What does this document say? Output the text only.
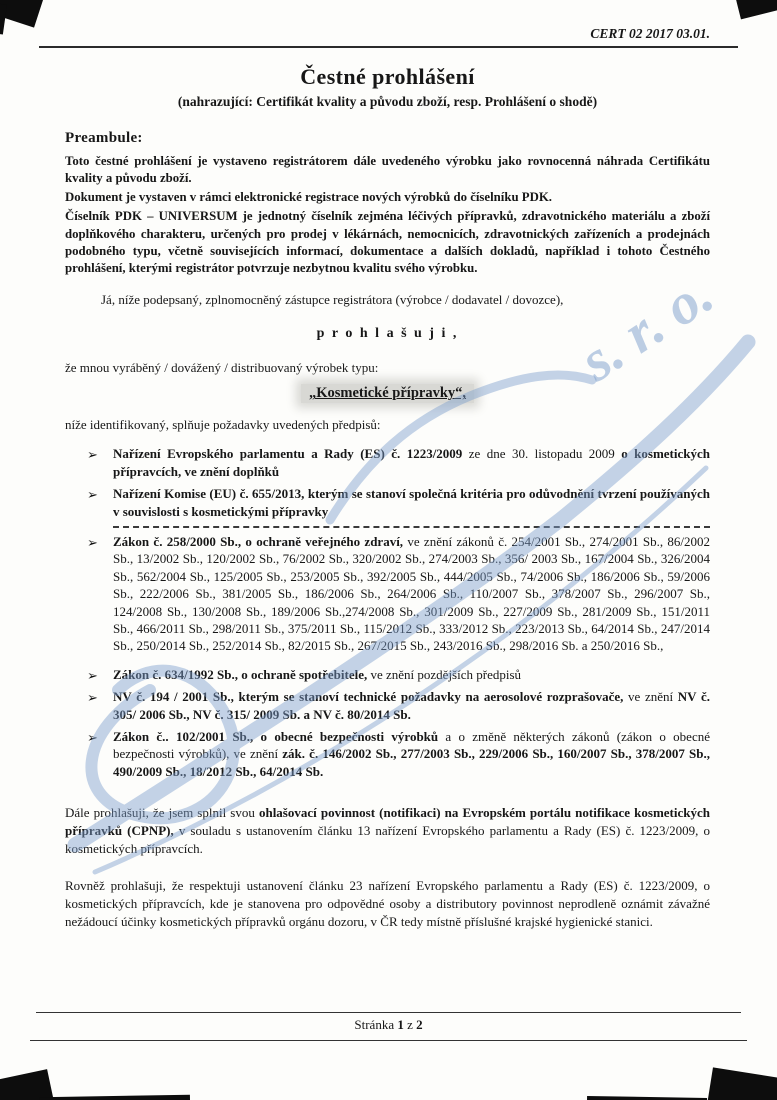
s. r. o.
CERT 02 2017 03.01.
Čestné prohlášení
(nahrazující: Certifikát kvality a původu zboží, resp. Prohlášení o shodě)
Preambule:

Toto čestné prohlášení je vystaveno registrátorem dále uvedeného výrobku jako rovnocenná náhrada Certifikátu kvality a původu zboží.

Dokument je vystaven v rámci elektronické registrace nových výrobků do číselníku PDK.

Číselník PDK – UNIVERSUM je jednotný číselník zejména léčivých přípravků, zdravotnického materiálu a zboží doplňkového charakteru, určených pro prodej v lékárnách, nemocnicích, zdravotnických zařízeních a prodejnách podobného typu, včetně souvisejících informací, dokumentace a dalších dokladů, například i tohoto Čestného prohlášení, kterými registrátor potvrzuje nezbytnou kvalitu svého výrobku.

Já, níže podepsaný, zplnomocněný zástupce registrátora (výrobce / dodavatel / dovozce),

p r o h l a š u j i ,

že mnou vyráběný / dovážený / distribuovaný výrobek typu:

„Kosmetické přípravky“,

níže identifikovaný, splňuje požadavky uvedených předpisů:

➢ Nařízení Evropského parlamentu a Rady (ES) č. 1223/2009 ze dne 30. listopadu 2009 o kosmetických přípravcích, ve znění doplňků
➢ Nařízení Komise (EU) č. 655/2013, kterým se stanoví společná kritéria pro odůvodnění tvrzení používaných v souvislosti s kosmetickými přípravky
➢ Zákon č. 258/2000 Sb., o ochraně veřejného zdraví, ve znění zákonů č. 254/2001 Sb., 274/2001 Sb., 86/2002 Sb., 13/2002 Sb., 120/2002 Sb., 76/2002 Sb., 320/2002 Sb., 274/2003 Sb., 356/ 2003 Sb., 167/2004 Sb., 326/2004 Sb., 562/2004 Sb., 125/2005 Sb., 253/2005 Sb., 392/2005 Sb., 444/2005 Sb., 74/2006 Sb., 186/2006 Sb., 59/2006 Sb., 222/2006 Sb., 381/2005 Sb., 186/2006 Sb., 264/2006 Sb., 110/2007 Sb., 378/2007 Sb., 296/2007 Sb., 124/2008 Sb., 130/2008 Sb., 189/2006 Sb.,274/2008 Sb., 301/2009 Sb., 227/2009 Sb., 281/2009 Sb., 151/2011 Sb., 466/2011 Sb., 298/2011 Sb., 375/2011 Sb., 115/2012 Sb., 333/2012 Sb., 223/2013 Sb., 64/2014 Sb., 247/2014 Sb., 250/2014 Sb., 252/2014 Sb., 82/2015 Sb., 267/2015 Sb., 243/2016 Sb., 298/2016 Sb. a 250/2016 Sb.,
➢ Zákon č. 634/1992 Sb., o ochraně spotřebitele, ve znění pozdějších předpisů
➢ NV č. 194 / 2001 Sb., kterým se stanoví technické požadavky na aerosolové rozprašovače, ve znění NV č. 305/ 2006 Sb., NV č. 315/ 2009 Sb. a NV č. 80/2014 Sb.
➢ Zákon č.. 102/2001 Sb., o obecné bezpečnosti výrobků a o změně některých zákonů (zákon o obecné bezpečnosti výrobků), ve znění zák. č. 146/2002 Sb., 277/2003 Sb., 229/2006 Sb., 160/2007 Sb., 378/2007 Sb., 490/2009 Sb., 18/2012 Sb., 64/2014 Sb.

Dále prohlašuji, že jsem splnil svou ohlašovací povinnost (notifikaci) na Evropském portálu notifikace kosmetických přípravků (CPNP), v souladu s ustanovením článku 13 nařízení Evropského parlamentu a Rady (ES) č. 1223/2009, o kosmetických přípravcích.

Rovněž prohlašuji, že respektuji ustanovení článku 23 nařízení Evropského parlamentu a Rady (ES) č. 1223/2009, o kosmetických přípravcích, kde je stanovena pro odpovědné osoby a distributory povinnost neprodleně oznámit závažné nežádoucí účinky kosmetických přípravků orgánu dozoru, v ČR tedy místně příslušné krajské hygienické stanici.

Stránka 1 z 2
